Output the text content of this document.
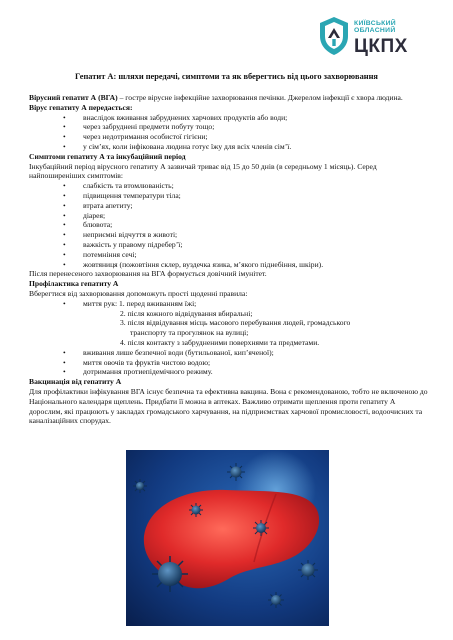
КИЇВСЬКИЙ
ОБЛАСНИЙ
ЦКПХ
Гепатит А: шляхи передачі, симптоми та як вберегтись від цього захворювання

Вірусний гепатит А (ВГА) – гостре вірусне інфекційне захворювання печінки. Джерелом інфекції є хвора людина.

Вірус гепатиту А передається:

• внаслідок вживання забруднених харчових продуктів або води;
• через забруднені предмети побуту тощо;
• через недотримання особистої гігієни;
• у сім’ях, коли інфікована людина готує їжу для всіх членів сім’ї.

Симптоми гепатиту А та інкубаційний період

Інкубаційний період вірусного гепатиту А зазвичай триває від 15 до 50 днів (в середньому 1 місяць). Серед найпоширеніших симптомів:

• слабкість та втомлюваність;
• підвищення температури тіла;
• втрата апетиту;
• діарея;
• блювота;
• неприємні відчуття в животі;
• важкість у правому підребер’ї;
• потемніння сечі;
• жовтяниця (пожовтіння склер, вуздечка язика, м’якого піднебіння, шкіри).

Після перенесеного захворювання на ВГА формується довічний імунітет.

Профілактика гепатиту А

Вберегтися від захворювання допоможуть прості щоденні правила:

• миття рук: 1. перед вживанням їжі;
2. після кожного відвідування вбиральні;
3. після відвідування місць масового перебування людей, громадського
транспорту та прогулянок на вулиці;
4. після контакту з забрудненими поверхнями та предметами.
• вживання лише безпечної води (бутильованої, кип’яченої);
• миття овочів та фруктів чистою водою;
• дотримання протиепідемічного режиму.

Вакцинація від гепатиту А

Для профілактики інфікування ВГА існує безпечна та ефективна вакцина. Вона є рекомендованою, тобто не включеною до Національного календаря щеплень. Придбати її можна в аптеках. Важливо отримати щеплення проти гепатиту А дорослим, які працюють у закладах громадського харчування, на підприємствах харчової промисловості, водоочисних та каналізаційних спорудах.
